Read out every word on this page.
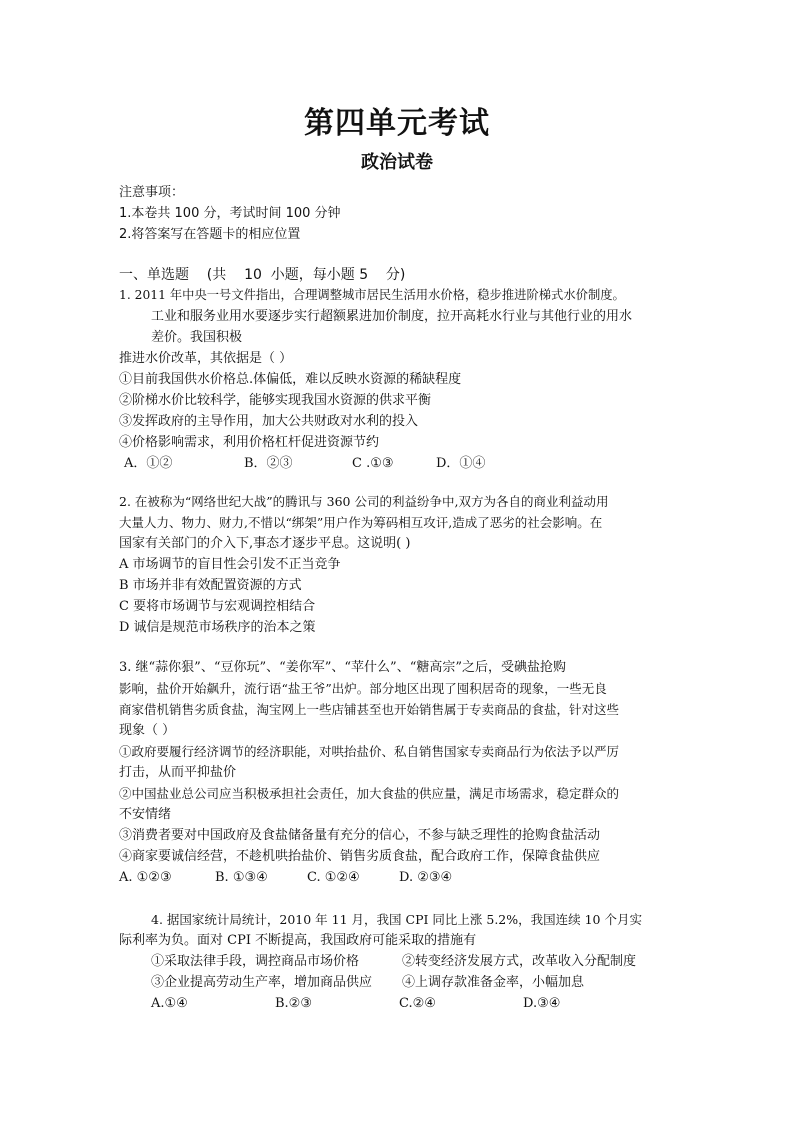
第四单元考试
政治试卷
注意事项：
1.本卷共 100 分，考试时间 100 分钟
2.将答案写在答题卡的相应位置
一、单选题    (共    10  小题，每小题 5    分)
1. 2011 年中央一号文件指出，合理调整城市居民生活用水价格，稳步推进阶梯式水价制度。
工业和服务业用水要逐步实行超额累进加价制度，拉开高耗水行业与其他行业的用水
差价。我国积极
推进水价改革，其依据是（ ）
①目前我国供水价格总.体偏低，难以反映水资源的稀缺程度
②阶梯水价比较科学，能够实现我国水资源的供求平衡
③发挥政府的主导作用，加大公共财政对水利的投入
④价格影响需求，利用价格杠杆促进资源节约
A．①②	B．②③	C .①③	D．①④
2. 在被称为“网络世纪大战”的腾讯与 360 公司的利益纷争中,双方为各自的商业利益动用
大量人力、物力、财力,不惜以“绑架”用户作为筹码相互攻讦,造成了恶劣的社会影响。在
国家有关部门的介入下,事态才逐步平息。这说明( )
A 市场调节的盲目性会引发不正当竞争
B 市场并非有效配置资源的方式
C 要将市场调节与宏观调控相结合
D 诚信是规范市场秩序的治本之策
3. 继“蒜你狠”、“豆你玩”、“姜你军”、“苹什么”、“糖高宗”之后，受碘盐抢购
影响，盐价开始飙升，流行语“盐王爷”出炉。部分地区出现了囤积居奇的现象，一些无良
商家借机销售劣质食盐，淘宝网上一些店铺甚至也开始销售属于专卖商品的食盐，针对这些
现象（ ）
①政府要履行经济调节的经济职能，对哄抬盐价、私自销售国家专卖商品行为依法予以严厉
打击，从而平抑盐价
②中国盐业总公司应当积极承担社会责任，加大食盐的供应量，满足市场需求，稳定群众的
不安情绪
③消费者要对中国政府及食盐储备量有充分的信心，不参与缺乏理性的抢购食盐活动
④商家要诚信经营，不趁机哄抬盐价、销售劣质食盐，配合政府工作，保障食盐供应
A. ①②③	B. ①③④	C. ①②④	D. ②③④
4. 据国家统计局统计，2010 年 11 月，我国 CPI 同比上涨 5.2%，我国连续 10 个月实
际利率为负。面对 CPI 不断提高，我国政府可能采取的措施有
①采取法律手段，调控商品市场价格	②转变经济发展方式，改革收入分配制度
③企业提高劳动生产率，增加商品供应	④上调存款准备金率，小幅加息
A.①④	B.②③	C.②④	D.③④
